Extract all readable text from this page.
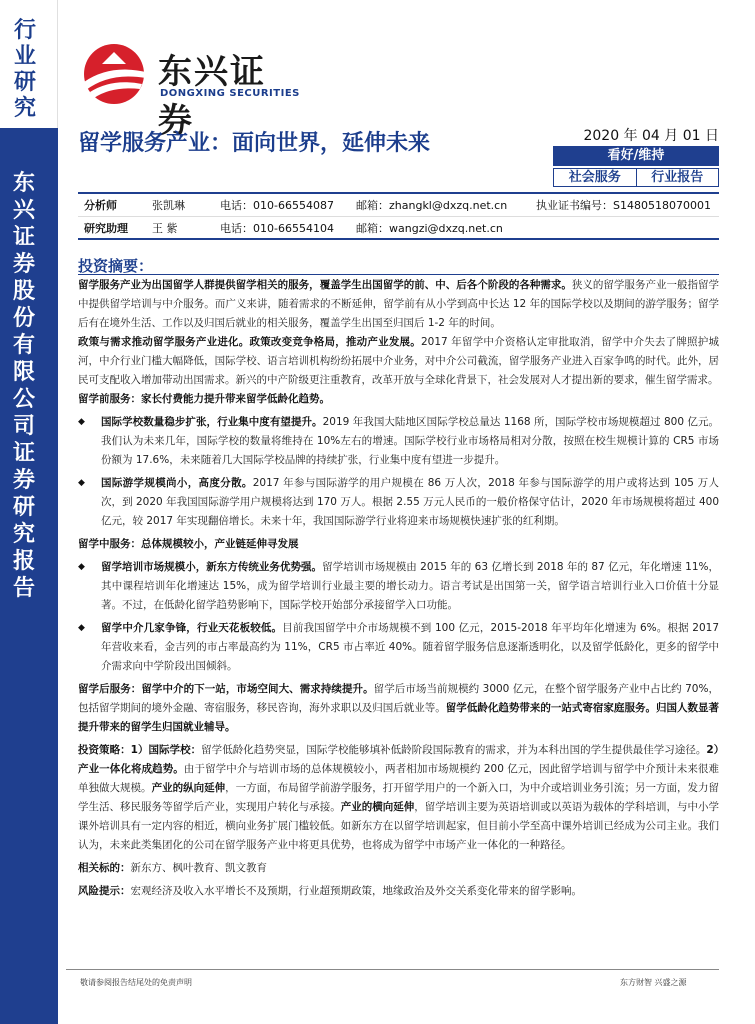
行业研究
东兴证券股份有限公司证券研究报告
东兴证券
DONGXING SECURITIES
留学服务产业：面向世界，延伸未来	2020 年 04 月 01 日
看好/维持
社会服务	行业报告
分析师	张凯琳	电话：010-66554087 邮箱：zhangkl@dxzq.net.cn	执业证书编号：S1480518070001
研究助理 王 紫	电话：010-66554104 邮箱：wangzi@dxzq.net.cn
投资摘要：

留学服务产业为出国留学人群提供留学相关的服务，覆盖学生出国留学的前、中、后各个阶段的各种需求。狭义的留学服务产业一般指留学中提供留学培训与中介服务。而广义来讲，随着需求的不断延伸，留学前有从小学到高中长达 12 年的国际学校以及期间的游学服务；留学后有在境外生活、工作以及归国后就业的相关服务，覆盖学生出国至归国后 1-2 年的时间。

政策与需求推动留学服务产业进化。政策改变竞争格局，推动产业发展。2017 年留学中介资格认定审批取消，留学中介失去了牌照护城河，中介行业门槛大幅降低，国际学校、语言培训机构纷纷拓展中介业务，对中介公司截流，留学服务产业进入百家争鸣的时代。此外，居民可支配收入增加带动出国需求。新兴的中产阶级更注重教育，改革开放与全球化背景下，社会发展对人才提出新的要求，催生留学需求。

留学前服务：家长付费能力提升带来留学低龄化趋势。

◆ 国际学校数量稳步扩张，行业集中度有望提升。2019 年我国大陆地区国际学校总量达 1168 所，国际学校市场规模超过 800 亿元。我们认为未来几年，国际学校的数量将维持在 10%左右的增速。国际学校行业市场格局相对分散，按照在校生规模计算的 CR5 市场份额为 17.6%，未来随着几大国际学校品牌的持续扩张，行业集中度有望进一步提升。

◆ 国际游学规模尚小，高度分散。2017 年参与国际游学的用户规模在 86 万人次，2018 年参与国际游学的用户或将达到 105 万人次，到 2020 年我国国际游学用户规模将达到 170 万人。根据 2.55 万元人民币的一般价格保守估计，2020 年市场规模将超过 400 亿元，较 2017 年实现翻倍增长。未来十年，我国国际游学行业将迎来市场规模快速扩张的红利期。

留学中服务：总体规模较小，产业链延伸寻发展

◆ 留学培训市场规模小，新东方传统业务优势强。留学培训市场规模由 2015 年的 63 亿增长到 2018 年的 87 亿元，年化增速 11%，其中课程培训年化增速达 15%，成为留学培训行业最主要的增长动力。语言考试是出国第一关，留学语言培训行业入口价值十分显著。不过，在低龄化留学趋势影响下，国际学校开始部分承接留学入口功能。

◆ 留学中介几家争锋，行业天花板较低。目前我国留学中介市场规模不到 100 亿元，2015-2018 年平均年化增速为 6%。根据 2017 年营收来看，金吉列的市占率最高约为 11%，CR5 市占率近 40%。随着留学服务信息逐渐透明化，以及留学低龄化，更多的留学中介需求向中学阶段出国倾斜。

留学后服务：留学中介的下一站，市场空间大、需求持续提升。留学后市场当前规模约 3000 亿元，在整个留学服务产业中占比约 70%，包括留学期间的境外金融、寄宿服务，移民咨询，海外求职以及归国后就业等。留学低龄化趋势带来的一站式寄宿家庭服务。归国人数显著提升带来的留学生归国就业辅导。

投资策略：1）国际学校：留学低龄化趋势突显，国际学校能够填补低龄阶段国际教育的需求，并为本科出国的学生提供最佳学习途径。2）产业一体化将成趋势。由于留学中介与培训市场的总体规模较小，两者相加市场规模约 200 亿元，因此留学培训与留学中介预计未来很难单独做大规模。产业的纵向延伸，一方面，布局留学前游学服务，打开留学用户的一个新入口，为中介或培训业务引流；另一方面，发力留学生活、移民服务等留学后产业，实现用户转化与承接。产业的横向延伸，留学培训主要为英语培训或以英语为载体的学科培训，与中小学课外培训具有一定内容的相近，横向业务扩展门槛较低。如新东方在以留学培训起家，但目前小学至高中课外培训已经成为公司主业。我们认为，未来此类集团化的公司在留学服务产业中将更具优势，也将成为留学中市场产业一体化的一种路径。

相关标的：新东方、枫叶教育、凯文教育

风险提示：宏观经济及收入水平增长不及预期，行业超预期政策，地缘政治及外交关系变化带来的留学影响。

敬请参阅报告结尾处的免责声明	东方财智 兴盛之源
